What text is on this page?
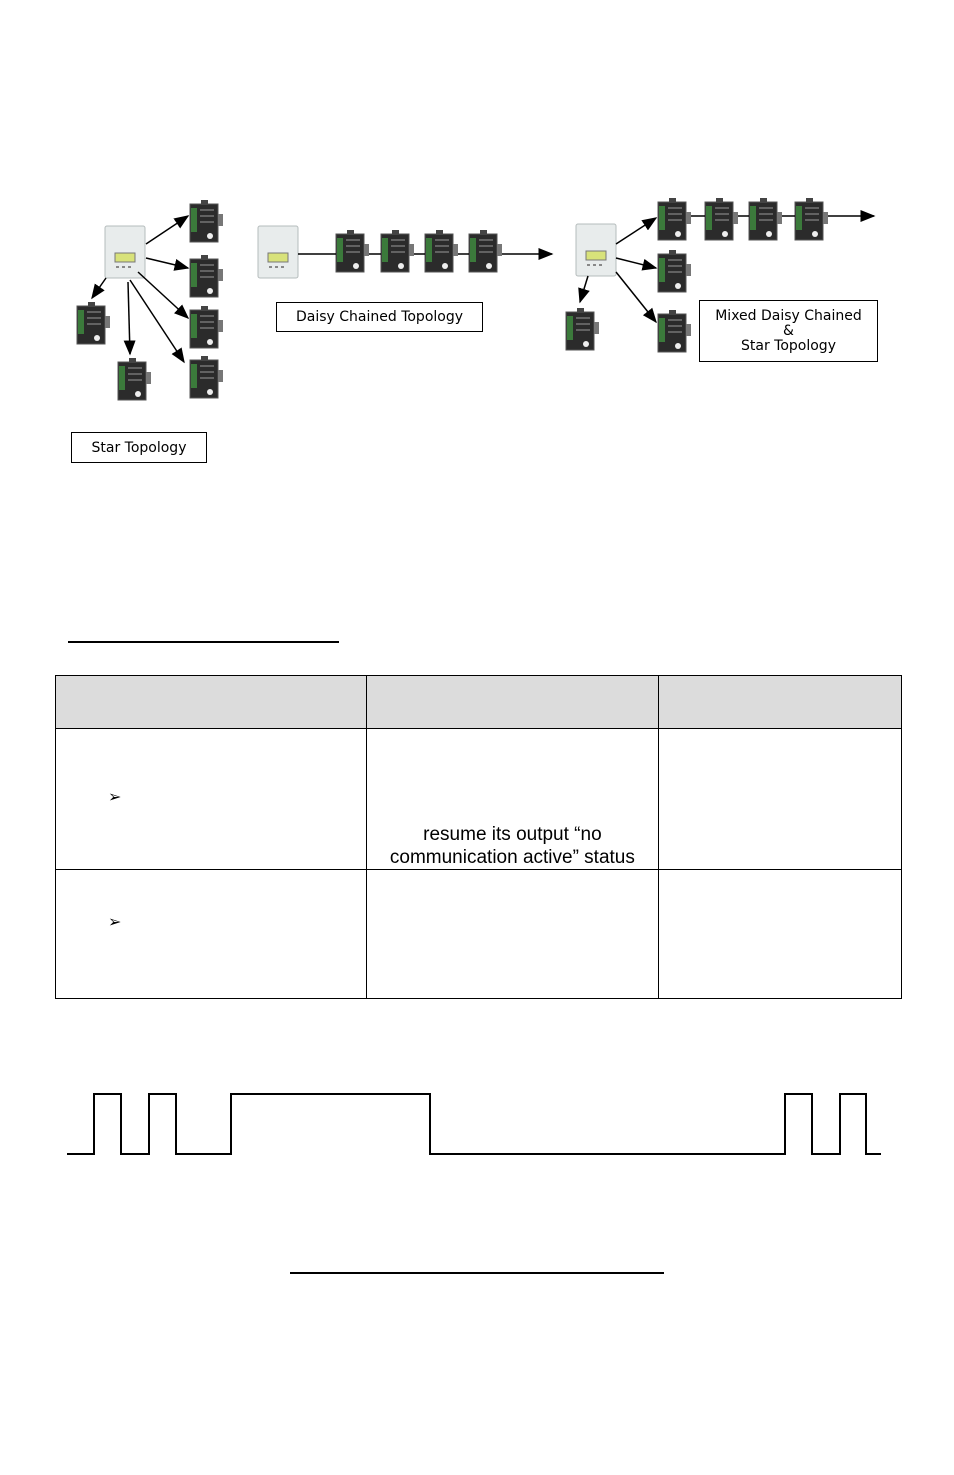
Star Topology
Daisy Chained Topology	Mixed Daisy Chained
&
Star Topology

➢	resume its output “no
communication active” status	

➢		
